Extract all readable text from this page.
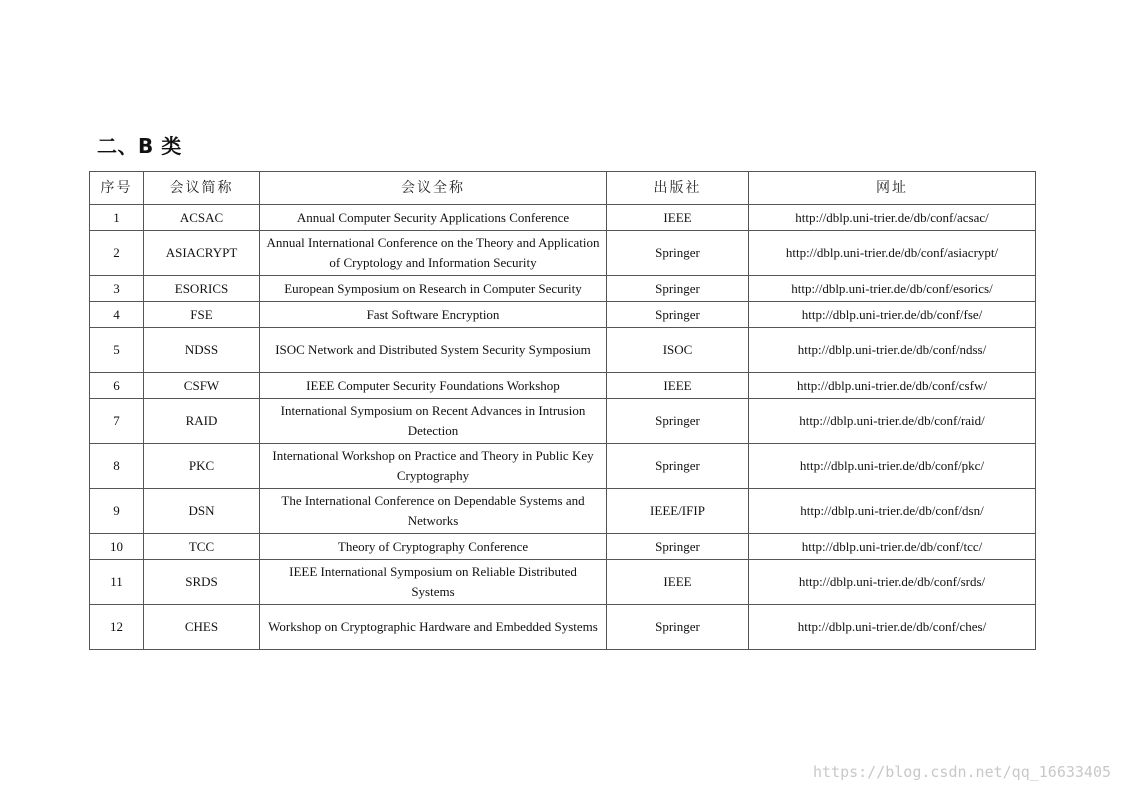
二、B 类
序号	会议简称	会议全称	出版社	网址
1	ACSAC	Annual Computer Security Applications Conference	IEEE	http://dblp.uni-trier.de/db/conf/acsac/
2	ASIACRYPT	Annual International Conference on the Theory and Application of Cryptology and Information Security	Springer	http://dblp.uni-trier.de/db/conf/asiacrypt/
3	ESORICS	European Symposium on Research in Computer Security	Springer	http://dblp.uni-trier.de/db/conf/esorics/
4	FSE	Fast Software Encryption	Springer	http://dblp.uni-trier.de/db/conf/fse/
5	NDSS	ISOC Network and Distributed System Security Symposium	ISOC	http://dblp.uni-trier.de/db/conf/ndss/
6	CSFW	IEEE Computer Security Foundations Workshop	IEEE	http://dblp.uni-trier.de/db/conf/csfw/
7	RAID	International Symposium on Recent Advances in Intrusion Detection	Springer	http://dblp.uni-trier.de/db/conf/raid/
8	PKC	International Workshop on Practice and Theory in Public Key Cryptography	Springer	http://dblp.uni-trier.de/db/conf/pkc/
9	DSN	The International Conference on Dependable Systems and Networks	IEEE/IFIP	http://dblp.uni-trier.de/db/conf/dsn/
10	TCC	Theory of Cryptography Conference	Springer	http://dblp.uni-trier.de/db/conf/tcc/
11	SRDS	IEEE International Symposium on Reliable Distributed Systems	IEEE	http://dblp.uni-trier.de/db/conf/srds/
12	CHES	Workshop on Cryptographic Hardware and Embedded Systems	Springer	http://dblp.uni-trier.de/db/conf/ches/
https://blog.csdn.net/qq_16633405
